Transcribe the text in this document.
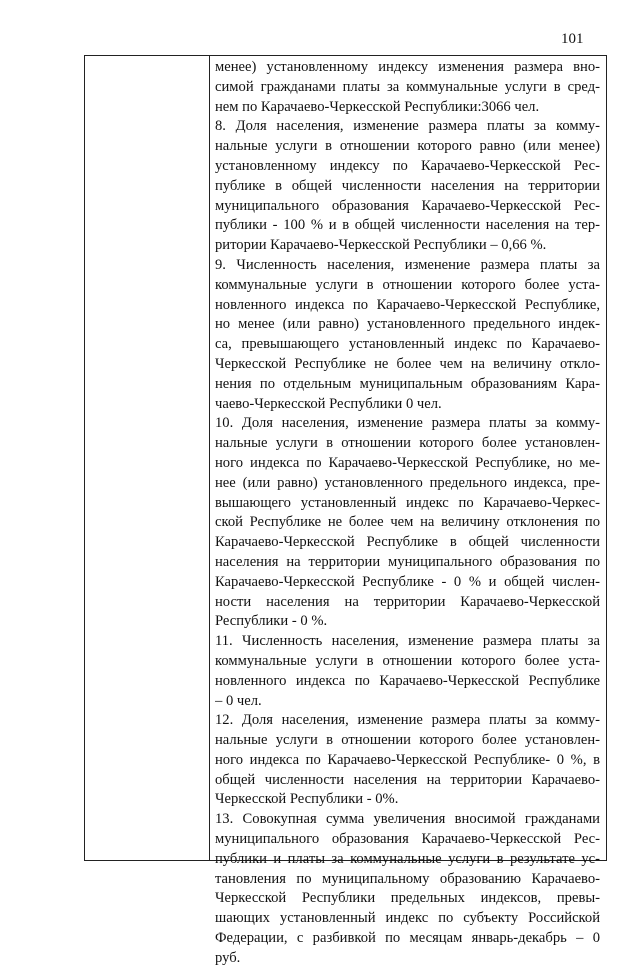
101
менее) установленному индексу изменения размера вно-
симой гражданами платы за коммунальные услуги в сред-
нем по Карачаево-Черкесской Республики:3066 чел.
8. Доля населения, изменение размера платы за комму-
нальные услуги в отношении которого равно (или менее)
установленному индексу по Карачаево-Черкесской Рес-
публике в общей численности населения на территории
муниципального образования Карачаево-Черкесской Рес-
публики - 100 % и в общей численности населения на тер-
ритории Карачаево-Черкесской Республики – 0,66 %.
9. Численность населения, изменение размера платы за
коммунальные услуги в отношении которого более уста-
новленного индекса по Карачаево-Черкесской Республике,
но менее (или равно) установленного предельного индек-
са, превышающего установленный индекс по Карачаево-
Черкесской Республике не более чем на величину откло-
нения по отдельным муниципальным образованиям Кара-
чаево-Черкесской Республики 0 чел.
10. Доля населения, изменение размера платы за комму-
нальные услуги в отношении которого более установлен-
ного индекса по Карачаево-Черкесской Республике, но ме-
нее (или равно) установленного предельного индекса, пре-
вышающего установленный индекс по Карачаево-Черкес-
ской Республике не более чем на величину отклонения по
Карачаево-Черкесской Республике в общей численности
населения на территории муниципального образования по
Карачаево-Черкесской Республике - 0 % и общей числен-
ности населения на территории Карачаево-Черкесской
Республики - 0 %.
11. Численность населения, изменение размера платы за
коммунальные услуги в отношении которого более уста-
новленного индекса по Карачаево-Черкесской Республике
– 0 чел.
12. Доля населения, изменение размера платы за комму-
нальные услуги в отношении которого более установлен-
ного индекса по Карачаево-Черкесской Республике- 0 %, в
общей численности населения на территории Карачаево-
Черкесской Республики - 0%.
13. Совокупная сумма увеличения вносимой гражданами
муниципального образования Карачаево-Черкесской Рес-
публики и платы за коммунальные услуги в результате ус-
тановления по муниципальному образованию Карачаево-
Черкесской Республики предельных индексов, превы-
шающих установленный индекс по субъекту Российской
Федерации, с разбивкой по месяцам январь-декабрь – 0
руб.
